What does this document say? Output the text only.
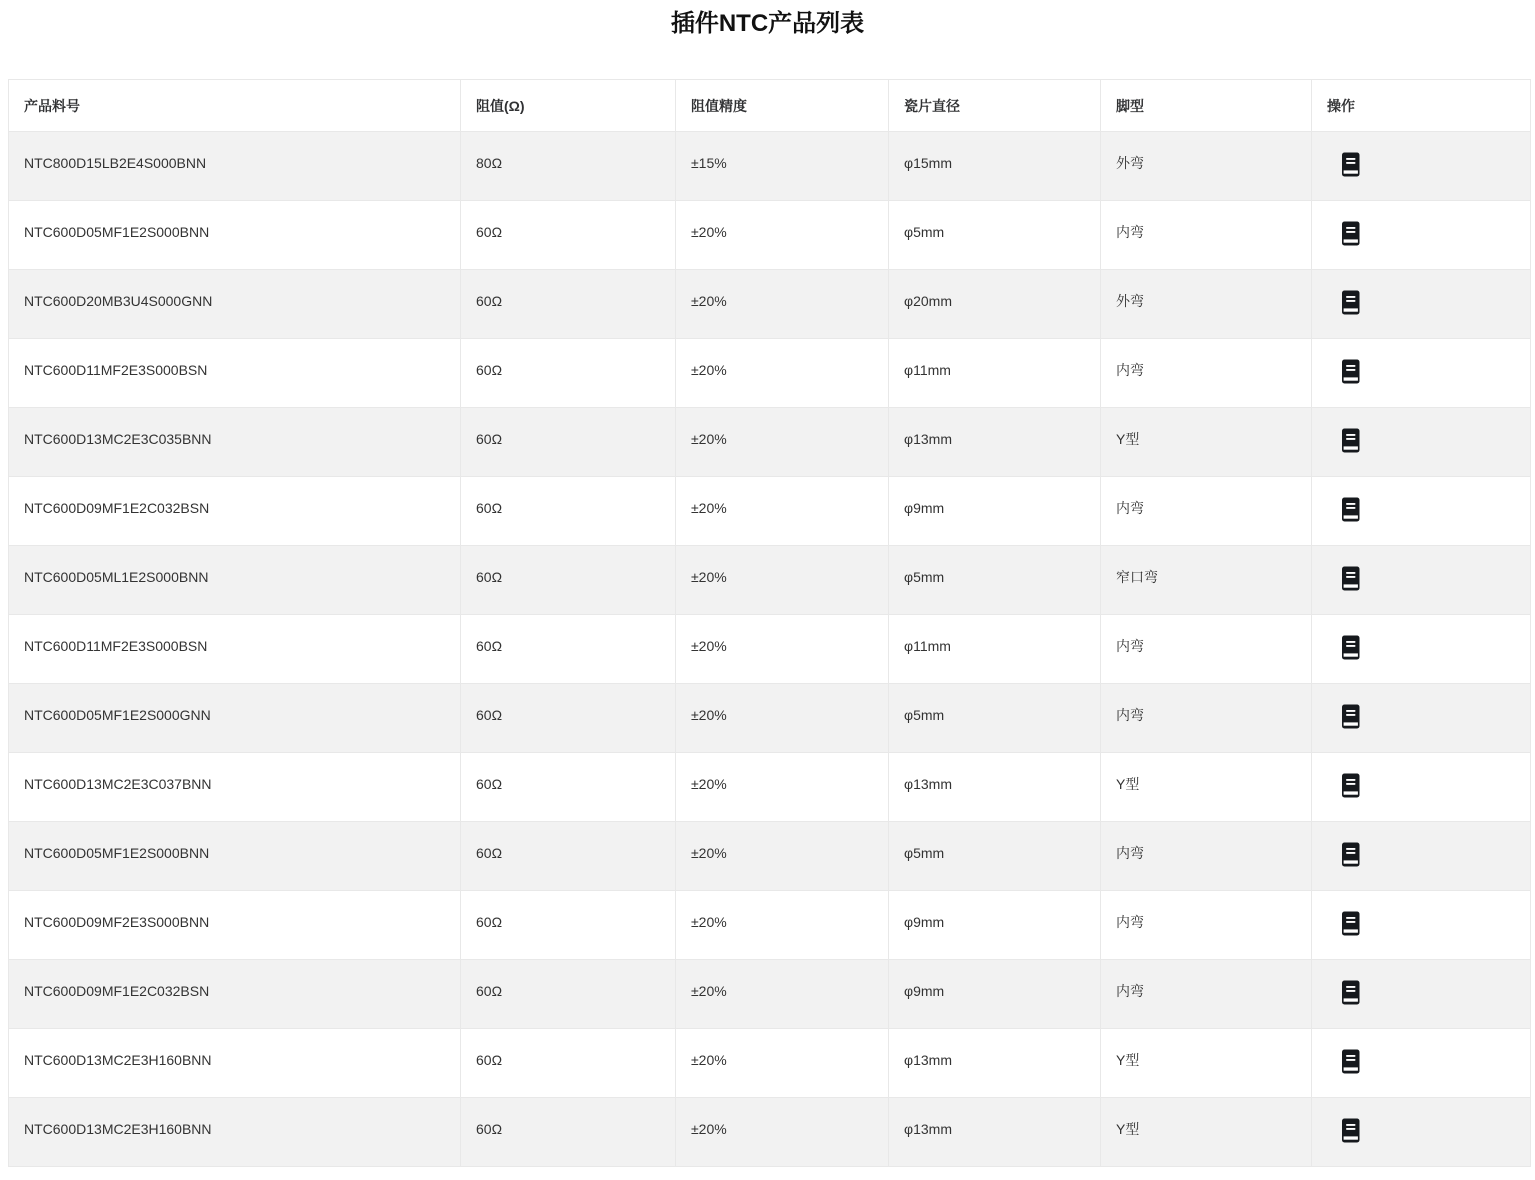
插件NTC产品列表
产品料号	阻值(Ω)	阻值精度	瓷片直径	脚型	操作
NTC800D15LB2E4S000BNN	80Ω	±15%	φ15mm	外弯	

NTC600D05MF1E2S000BNN	60Ω	±20%	φ5mm	内弯	

NTC600D20MB3U4S000GNN	60Ω	±20%	φ20mm	外弯	

NTC600D11MF2E3S000BSN	60Ω	±20%	φ11mm	内弯	

NTC600D13MC2E3C035BNN	60Ω	±20%	φ13mm	Y型	

NTC600D09MF1E2C032BSN	60Ω	±20%	φ9mm	内弯	

NTC600D05ML1E2S000BNN	60Ω	±20%	φ5mm	窄口弯	

NTC600D11MF2E3S000BSN	60Ω	±20%	φ11mm	内弯	

NTC600D05MF1E2S000GNN	60Ω	±20%	φ5mm	内弯	

NTC600D13MC2E3C037BNN	60Ω	±20%	φ13mm	Y型	

NTC600D05MF1E2S000BNN	60Ω	±20%	φ5mm	内弯	

NTC600D09MF2E3S000BNN	60Ω	±20%	φ9mm	内弯	

NTC600D09MF1E2C032BSN	60Ω	±20%	φ9mm	内弯	

NTC600D13MC2E3H160BNN	60Ω	±20%	φ13mm	Y型	

NTC600D13MC2E3H160BNN	60Ω	±20%	φ13mm	Y型	
